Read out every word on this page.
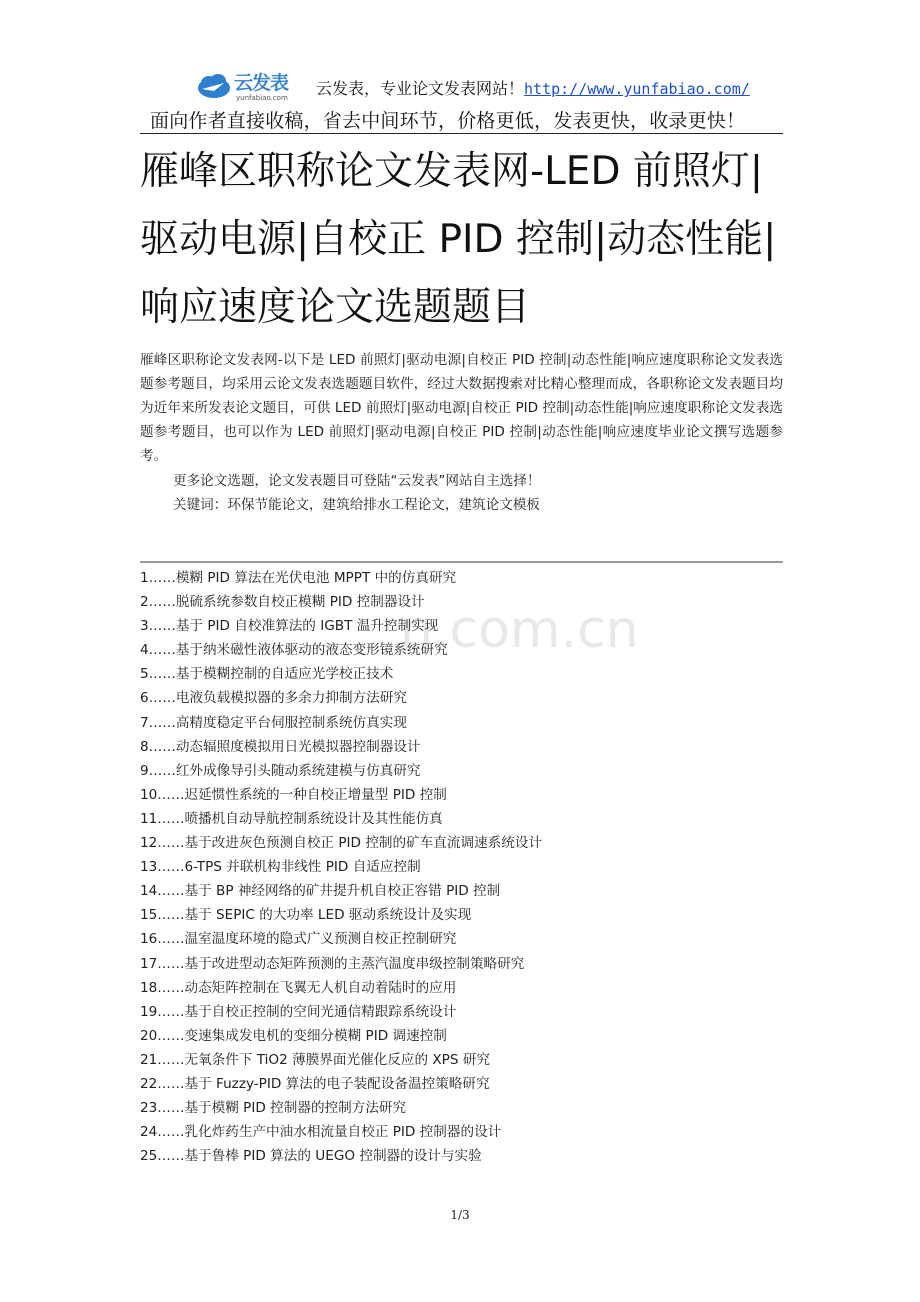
云发表
yunfabiao.com 云发表，专业论文发表网站！http://www.yunfabiao.com/
面向作者直接收稿，省去中间环节，价格更低，发表更快，收录更快！
雁峰区职称论文发表网-LED 前照灯|驱动电源|自校正 PID 控制|动态性能|响应速度论文选题题目

雁峰区职称论文发表网-以下是 LED 前照灯|驱动电源|自校正 PID 控制|动态性能|响应速度职称论文发表选题参考题目，均采用云论文发表选题题目软件，经过大数据搜索对比精心整理而成，各职称论文发表题目均为近年来所发表论文题目，可供 LED 前照灯|驱动电源|自校正 PID 控制|动态性能|响应速度职称论文发表选题参考题目，也可以作为 LED 前照灯|驱动电源|自校正 PID 控制|动态性能|响应速度毕业论文撰写选题参考。

更多论文选题，论文发表题目可登陆“云发表”网站自主选择！
关键词：环保节能论文，建筑给排水工程论文，建筑论文模板
n.com.cn
1……模糊 PID 算法在光伏电池 MPPT 中的仿真研究
2……脱硫系统参数自校正模糊 PID 控制器设计
3……基于 PID 自校准算法的 IGBT 温升控制实现
4……基于纳米磁性液体驱动的液态变形镜系统研究
5……基于模糊控制的自适应光学校正技术
6……电液负载模拟器的多余力抑制方法研究
7……高精度稳定平台伺服控制系统仿真实现
8……动态辐照度模拟用日光模拟器控制器设计
9……红外成像导引头随动系统建模与仿真研究
10……迟延惯性系统的一种自校正增量型 PID 控制
11……喷播机自动导航控制系统设计及其性能仿真
12……基于改进灰色预测自校正 PID 控制的矿车直流调速系统设计
13……6-TPS 并联机构非线性 PID 自适应控制
14……基于 BP 神经网络的矿井提升机自校正容错 PID 控制
15……基于 SEPIC 的大功率 LED 驱动系统设计及实现
16……温室温度环境的隐式广义预测自校正控制研究
17……基于改进型动态矩阵预测的主蒸汽温度串级控制策略研究
18……动态矩阵控制在飞翼无人机自动着陆时的应用
19……基于自校正控制的空间光通信精跟踪系统设计
20……变速集成发电机的变细分模糊 PID 调速控制
21……无氧条件下 TiO2 薄膜界面光催化反应的 XPS 研究
22……基于 Fuzzy-PID 算法的电子装配设备温控策略研究
23……基于模糊 PID 控制器的控制方法研究
24……乳化炸药生产中油水相流量自校正 PID 控制器的设计
25……基于鲁棒 PID 算法的 UEGO 控制器的设计与实验
1/3
